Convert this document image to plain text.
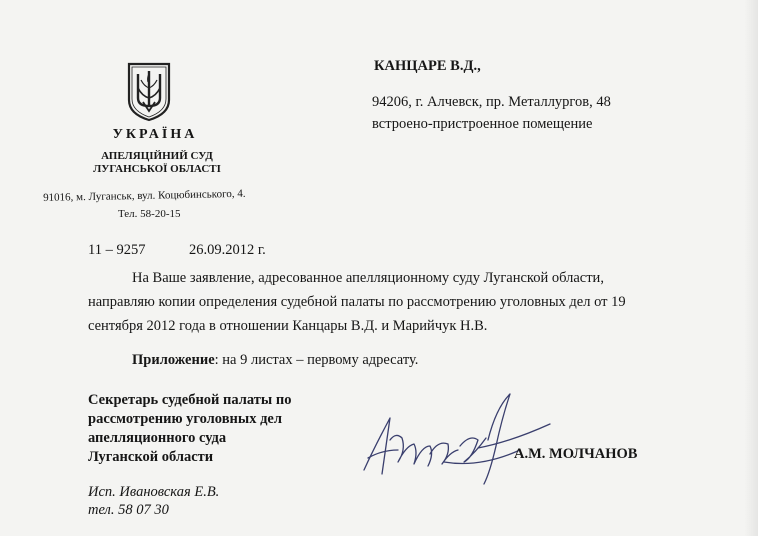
УКРАЇНА
АПЕЛЯЦІЙНИЙ СУД
ЛУГАНСЬКОЇ ОБЛАСТІ
91016, м. Луганськ, вул. Коцюбинського, 4.
Тел. 58-20-15
КАНЦАРЕ В.Д.,
94206, г. Алчевск, пр. Металлургов, 48
встроено-пристроенное помещение
11 – 9257	26.09.2012 г.
На Ваше заявление, адресованное апелляционному суду Луганской области,
направляю копии определения судебной палаты по рассмотрению уголовных дел от 19
сентября 2012 года в отношении Канцары В.Д. и Марийчук Н.В.
Приложение: на 9 листах – первому адресату.
Секретарь судебной палаты по
рассмотрению уголовных дел
апелляционного суда
Луганской области	А.М. МОЛЧАНОВ
Исп. Ивановская Е.В.
тел. 58 07 30
